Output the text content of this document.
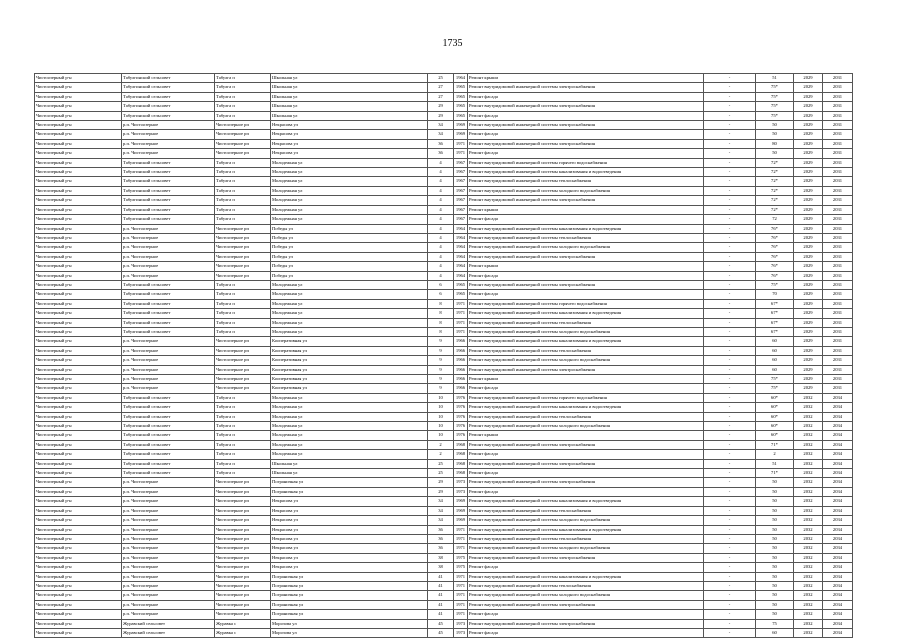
1735
Чистоозерный р-н	Табулгинский сельсовет	Табулга п	Школьная ул	25	1964	Ремонт крыши	-	51	2029	2031
Чистоозерный р-н	Табулгинский сельсовет	Табулга п	Школьная ул	27	1965	Ремонт внутридомовой инженерной системы электроснабжения	-	75*	2029	2031
Чистоозерный р-н	Табулгинский сельсовет	Табулга п	Школьная ул	27	1965	Ремонт фасада	-	75*	2029	2031
Чистоозерный р-н	Табулгинский сельсовет	Табулга п	Школьная ул	29	1965	Ремонт внутридомовой инженерной системы электроснабжения	-	75*	2029	2031
Чистоозерный р-н	Табулгинский сельсовет	Табулга п	Школьная ул	29	1965	Ремонт фасада	-	75*	2029	2031
Чистоозерный р-н	р.п. Чистоозерное	Чистоозерное рп	Некрасова ул	34	1969	Ремонт внутридомовой инженерной системы электроснабжения	-	50	2029	2031
Чистоозерный р-н	р.п. Чистоозерное	Чистоозерное рп	Некрасова ул	34	1969	Ремонт фасада	-	50	2029	2031
Чистоозерный р-н	р.п. Чистоозерное	Чистоозерное рп	Некрасова ул	36	1971	Ремонт внутридомовой инженерной системы электроснабжения	-	80	2029	2031
Чистоозерный р-н	р.п. Чистоозерное	Чистоозерное рп	Некрасова ул	36	1971	Ремонт фасада	-	50	2029	2031
Чистоозерный р-н	Табулгинский сельсовет	Табулга п	Молодежная ул	4	1967	Ремонт внутридомовой инженерной системы горячего водоснабжения	-	72*	2029	2031
Чистоозерный р-н	Табулгинский сельсовет	Табулга п	Молодежная ул	4	1967	Ремонт внутридомовой инженерной системы канализования и водоотведения	-	72*	2029	2031
Чистоозерный р-н	Табулгинский сельсовет	Табулга п	Молодежная ул	4	1967	Ремонт внутридомовой инженерной системы теплоснабжения	-	72*	2029	2031
Чистоозерный р-н	Табулгинский сельсовет	Табулга п	Молодежная ул	4	1967	Ремонт внутридомовой инженерной системы холодного водоснабжения	-	72*	2029	2031
Чистоозерный р-н	Табулгинский сельсовет	Табулга п	Молодежная ул	4	1967	Ремонт внутридомовой инженерной системы электроснабжения	-	72*	2029	2031
Чистоозерный р-н	Табулгинский сельсовет	Табулга п	Молодежная ул	4	1967	Ремонт крыши	-	72*	2029	2031
Чистоозерный р-н	Табулгинский сельсовет	Табулга п	Молодежная ул	4	1967	Ремонт фасада	-	72	2029	2031
Чистоозерный р-н	р.п. Чистоозерное	Чистоозерное рп	Победы ул	4	1964	Ремонт внутридомовой инженерной системы канализования и водоотведения	-	76*	2029	2031
Чистоозерный р-н	р.п. Чистоозерное	Чистоозерное рп	Победы ул	4	1964	Ремонт внутридомовой инженерной системы теплоснабжения	-	76*	2029	2031
Чистоозерный р-н	р.п. Чистоозерное	Чистоозерное рп	Победы ул	4	1964	Ремонт внутридомовой инженерной системы холодного водоснабжения	-	76*	2029	2031
Чистоозерный р-н	р.п. Чистоозерное	Чистоозерное рп	Победы ул	4	1964	Ремонт внутридомовой инженерной системы электроснабжения	-	76*	2029	2031
Чистоозерный р-н	р.п. Чистоозерное	Чистоозерное рп	Победы ул	4	1964	Ремонт крыши	-	76*	2029	2031
Чистоозерный р-н	р.п. Чистоозерное	Чистоозерное рп	Победы ул	4	1964	Ремонт фасада	-	76*	2029	2031
Чистоозерный р-н	Табулгинский сельсовет	Табулга п	Молодежная ул	6	1965	Ремонт внутридомовой инженерной системы электроснабжения	-	75*	2029	2031
Чистоозерный р-н	Табулгинский сельсовет	Табулга п	Молодежная ул	6	1965	Ремонт фасада	-	70	2029	2031
Чистоозерный р-н	Табулгинский сельсовет	Табулга п	Молодежная ул	8	1971	Ремонт внутридомовой инженерной системы горячего водоснабжения	-	67*	2029	2031
Чистоозерный р-н	Табулгинский сельсовет	Табулга п	Молодежная ул	8	1971	Ремонт внутридомовой инженерной системы канализования и водоотведения	-	67*	2029	2031
Чистоозерный р-н	Табулгинский сельсовет	Табулга п	Молодежная ул	8	1971	Ремонт внутридомовой инженерной системы теплоснабжения	-	67*	2029	2031
Чистоозерный р-н	Табулгинский сельсовет	Табулга п	Молодежная ул	8	1971	Ремонт внутридомовой инженерной системы холодного водоснабжения	-	67*	2029	2031
Чистоозерный р-н	р.п. Чистоозерное	Чистоозерное рп	Кооперативная ул	9	1966	Ремонт внутридомовой инженерной системы канализования и водоотведения	-	60	2029	2031
Чистоозерный р-н	р.п. Чистоозерное	Чистоозерное рп	Кооперативная ул	9	1966	Ремонт внутридомовой инженерной системы теплоснабжения	-	60	2029	2031
Чистоозерный р-н	р.п. Чистоозерное	Чистоозерное рп	Кооперативная ул	9	1966	Ремонт внутридомовой инженерной системы холодного водоснабжения	-	60	2029	2031
Чистоозерный р-н	р.п. Чистоозерное	Чистоозерное рп	Кооперативная ул	9	1966	Ремонт внутридомовой инженерной системы электроснабжения	-	60	2029	2031
Чистоозерный р-н	р.п. Чистоозерное	Чистоозерное рп	Кооперативная ул	9	1966	Ремонт крыши	-	75*	2029	2031
Чистоозерный р-н	р.п. Чистоозерное	Чистоозерное рп	Кооперативная ул	9	1966	Ремонт фасада	-	75*	2029	2031
Чистоозерный р-н	Табулгинский сельсовет	Табулга п	Молодежная ул	10	1976	Ремонт внутридомовой инженерной системы горячего водоснабжения	-	60*	2032	2034
Чистоозерный р-н	Табулгинский сельсовет	Табулга п	Молодежная ул	10	1976	Ремонт внутридомовой инженерной системы канализования и водоотведения	-	60*	2032	2034
Чистоозерный р-н	Табулгинский сельсовет	Табулга п	Молодежная ул	10	1976	Ремонт внутридомовой инженерной системы теплоснабжения	-	60*	2032	2034
Чистоозерный р-н	Табулгинский сельсовет	Табулга п	Молодежная ул	10	1976	Ремонт внутридомовой инженерной системы холодного водоснабжения	-	60*	2032	2034
Чистоозерный р-н	Табулгинский сельсовет	Табулга п	Молодежная ул	10	1976	Ремонт крыши	-	60*	2032	2034
Чистоозерный р-н	Табулгинский сельсовет	Табулга п	Молодежная ул	2	1968	Ремонт внутридомовой инженерной системы электроснабжения	-	71*	2032	2034
Чистоозерный р-н	Табулгинский сельсовет	Табулга п	Молодежная ул	2	1968	Ремонт фасада	-	2	2032	2034
Чистоозерный р-н	Табулгинский сельсовет	Табулга п	Школьная ул	25	1968	Ремонт внутридомовой инженерной системы электроснабжения	-	51	2032	2034
Чистоозерный р-н	Табулгинский сельсовет	Табулга п	Школьная ул	25	1968	Ремонт фасада	-	71*	2032	2034
Чистоозерный р-н	р.п. Чистоозерное	Чистоозерное рп	Пограничная ул	29	1973	Ремонт внутридомовой инженерной системы электроснабжения	-	50	2032	2034
Чистоозерный р-н	р.п. Чистоозерное	Чистоозерное рп	Пограничная ул	29	1973	Ремонт фасада	-	50	2032	2034
Чистоозерный р-н	р.п. Чистоозерное	Чистоозерное рп	Некрасова ул	34	1969	Ремонт внутридомовой инженерной системы канализования и водоотведения	-	50	2032	2034
Чистоозерный р-н	р.п. Чистоозерное	Чистоозерное рп	Некрасова ул	34	1969	Ремонт внутридомовой инженерной системы теплоснабжения	-	50	2032	2034
Чистоозерный р-н	р.п. Чистоозерное	Чистоозерное рп	Некрасова ул	34	1969	Ремонт внутридомовой инженерной системы холодного водоснабжения	-	50	2032	2034
Чистоозерный р-н	р.п. Чистоозерное	Чистоозерное рп	Некрасова ул	36	1971	Ремонт внутридомовой инженерной системы канализования и водоотведения	-	50	2032	2034
Чистоозерный р-н	р.п. Чистоозерное	Чистоозерное рп	Некрасова ул	36	1971	Ремонт внутридомовой инженерной системы теплоснабжения	-	50	2032	2034
Чистоозерный р-н	р.п. Чистоозерное	Чистоозерное рп	Некрасова ул	36	1971	Ремонт внутридомовой инженерной системы холодного водоснабжения	-	50	2032	2034
Чистоозерный р-н	р.п. Чистоозерное	Чистоозерное рп	Некрасова ул	38	1975	Ремонт внутридомовой инженерной системы электроснабжения	-	50	2032	2034
Чистоозерный р-н	р.п. Чистоозерное	Чистоозерное рп	Некрасова ул	38	1975	Ремонт фасада	-	50	2032	2034
Чистоозерный р-н	р.п. Чистоозерное	Чистоозерное рп	Пограничная ул	41	1971	Ремонт внутридомовой инженерной системы канализования и водоотведения	-	50	2032	2034
Чистоозерный р-н	р.п. Чистоозерное	Чистоозерное рп	Пограничная ул	41	1971	Ремонт внутридомовой инженерной системы теплоснабжения	-	50	2032	2034
Чистоозерный р-н	р.п. Чистоозерное	Чистоозерное рп	Пограничная ул	41	1971	Ремонт внутридомовой инженерной системы холодного водоснабжения	-	50	2032	2034
Чистоозерный р-н	р.п. Чистоозерное	Чистоозерное рп	Пограничная ул	41	1971	Ремонт внутридомовой инженерной системы электроснабжения	-	50	2032	2034
Чистоозерный р-н	р.п. Чистоозерное	Чистоозерное рп	Пограничная ул	41	1971	Ремонт фасада	-	50	2032	2034
Чистоозерный р-н	Журавский сельсовет	Журавка с	Морозова ул	45	1973	Ремонт внутридомовой инженерной системы электроснабжения	-	75	2032	2034
Чистоозерный р-н	Журавский сельсовет	Журавка с	Морозова ул	45	1973	Ремонт фасада	-	60	2032	2034
